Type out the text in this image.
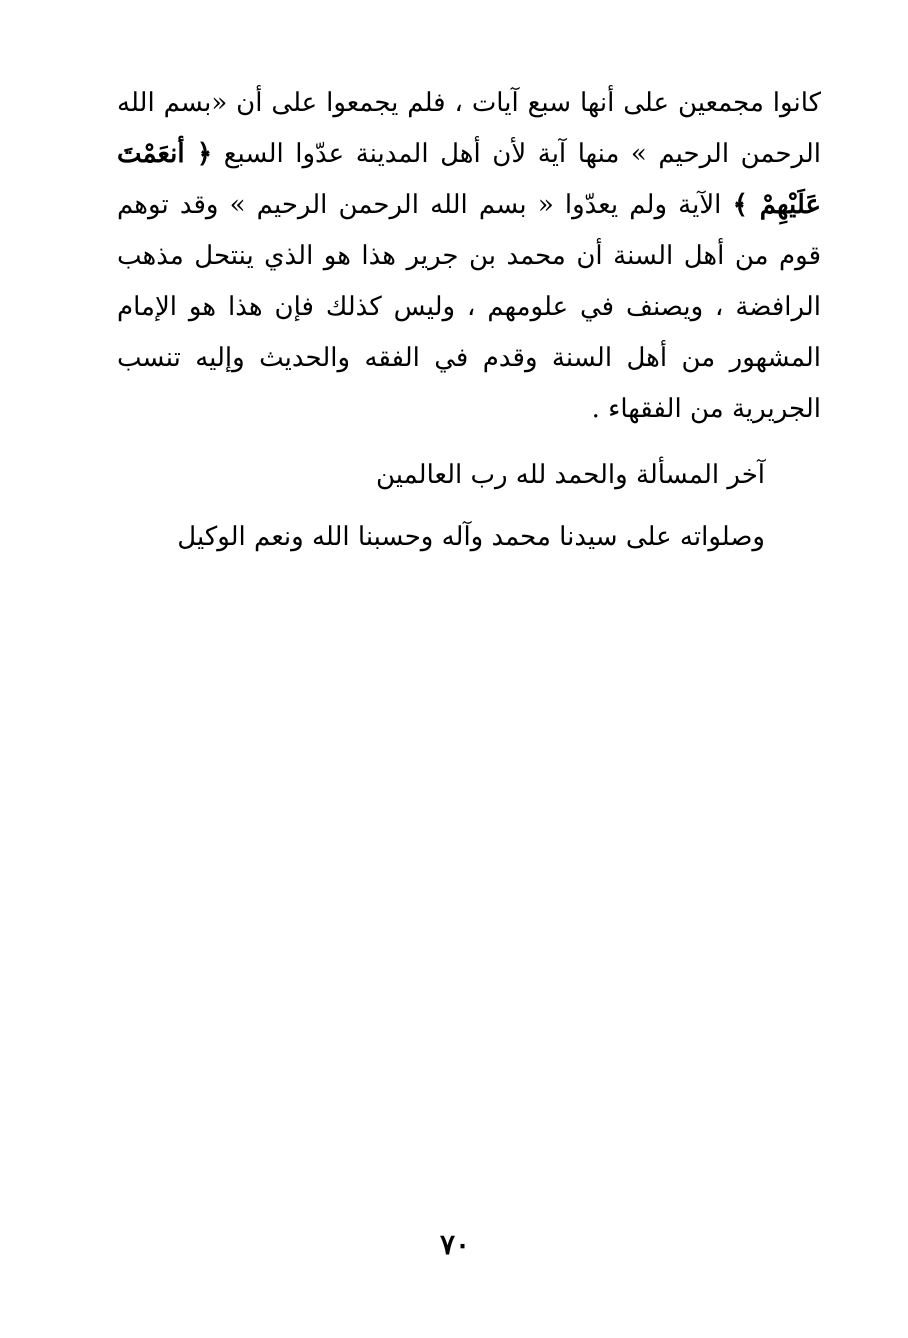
كانوا مجمعين على أنها سبع آيات ، فلم يجمعوا على أن «بسم الله الرحمن الرحيم » منها آية لأن أهل المدينة عدّوا السبع ﴿ أنعَمْتَ عَلَيْهِمْ ﴾ الآية ولم يعدّوا « بسم الله الرحمن الرحيم » وقد توهم قوم من أهل السنة أن محمد بن جرير هذا هو الذي ينتحل مذهب الرافضة ، ويصنف في علومهم ، وليس كذلك فإن هذا هو الإمام المشهور من أهل السنة وقدم في الفقه والحديث وإليه تنسب الجريرية من الفقهاء .

آخر المسألة والحمد لله رب العالمين

وصلواته على سيدنا محمد وآله وحسبنا الله ونعم الوكيل

٧٠
